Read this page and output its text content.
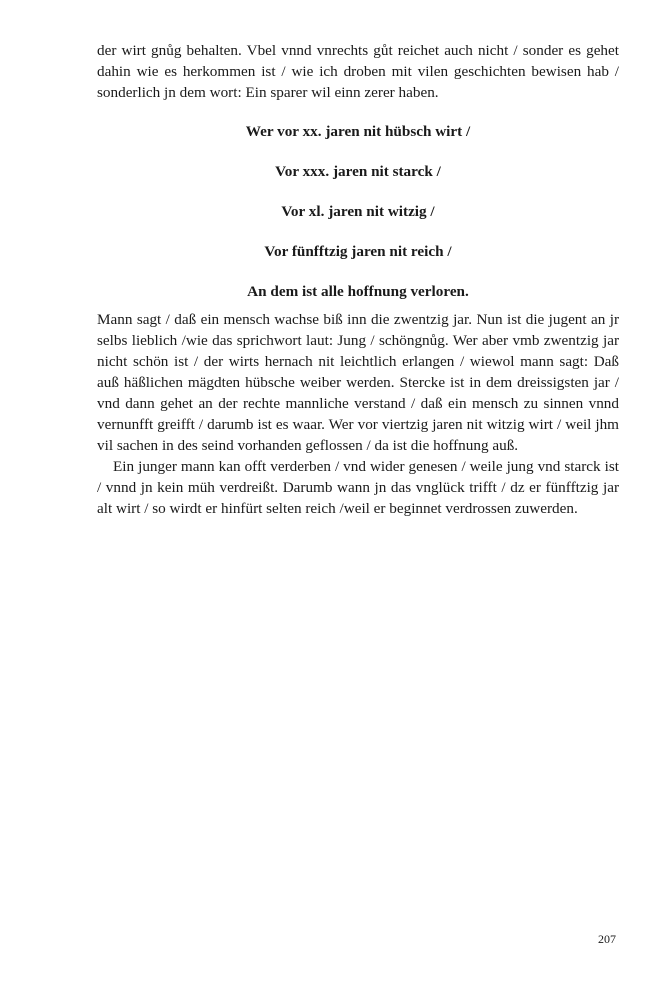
der wirt gnůg behalten. Vbel vnnd vnrechts gůt reichet auch nicht / sonder es gehet dahin wie es herkommen ist / wie ich droben mit vilen geschichten bewisen hab / sonderlich jn dem wort: Ein sparer wil einn zerer haben.

Wer vor xx. jaren nit hübsch wirt /
Vor xxx. jaren nit starck /
Vor xl. jaren nit witzig /
Vor fünfftzig jaren nit reich /
An dem ist alle hoffnung verloren.

Mann sagt / daß ein mensch wachse biß inn die zwentzig jar. Nun ist die jugent an jr selbs lieblich /wie das sprichwort laut: Jung / schöngnůg. Wer aber vmb zwentzig jar nicht schön ist / der wirts hernach nit leichtlich erlangen / wiewol mann sagt: Daß auß häßlichen mägdten hübsche weiber werden. Stercke ist in dem dreissigsten jar / vnd dann gehet an der rechte mannliche verstand / daß ein mensch zu sinnen vnnd vernunfft greifft / darumb ist es waar. Wer vor viertzig jaren nit witzig wirt / weil jhm vil sachen in des seind vorhanden geflossen / da ist die hoffnung auß.

Ein junger mann kan offt verderben / vnd wider genesen / weile jung vnd starck ist / vnnd jn kein müh verdreißt. Darumb wann jn das vnglück trifft / dz er fünfftzig jar alt wirt / so wirdt er hinfürt selten reich /weil er beginnet verdrossen zuwerden.

207
